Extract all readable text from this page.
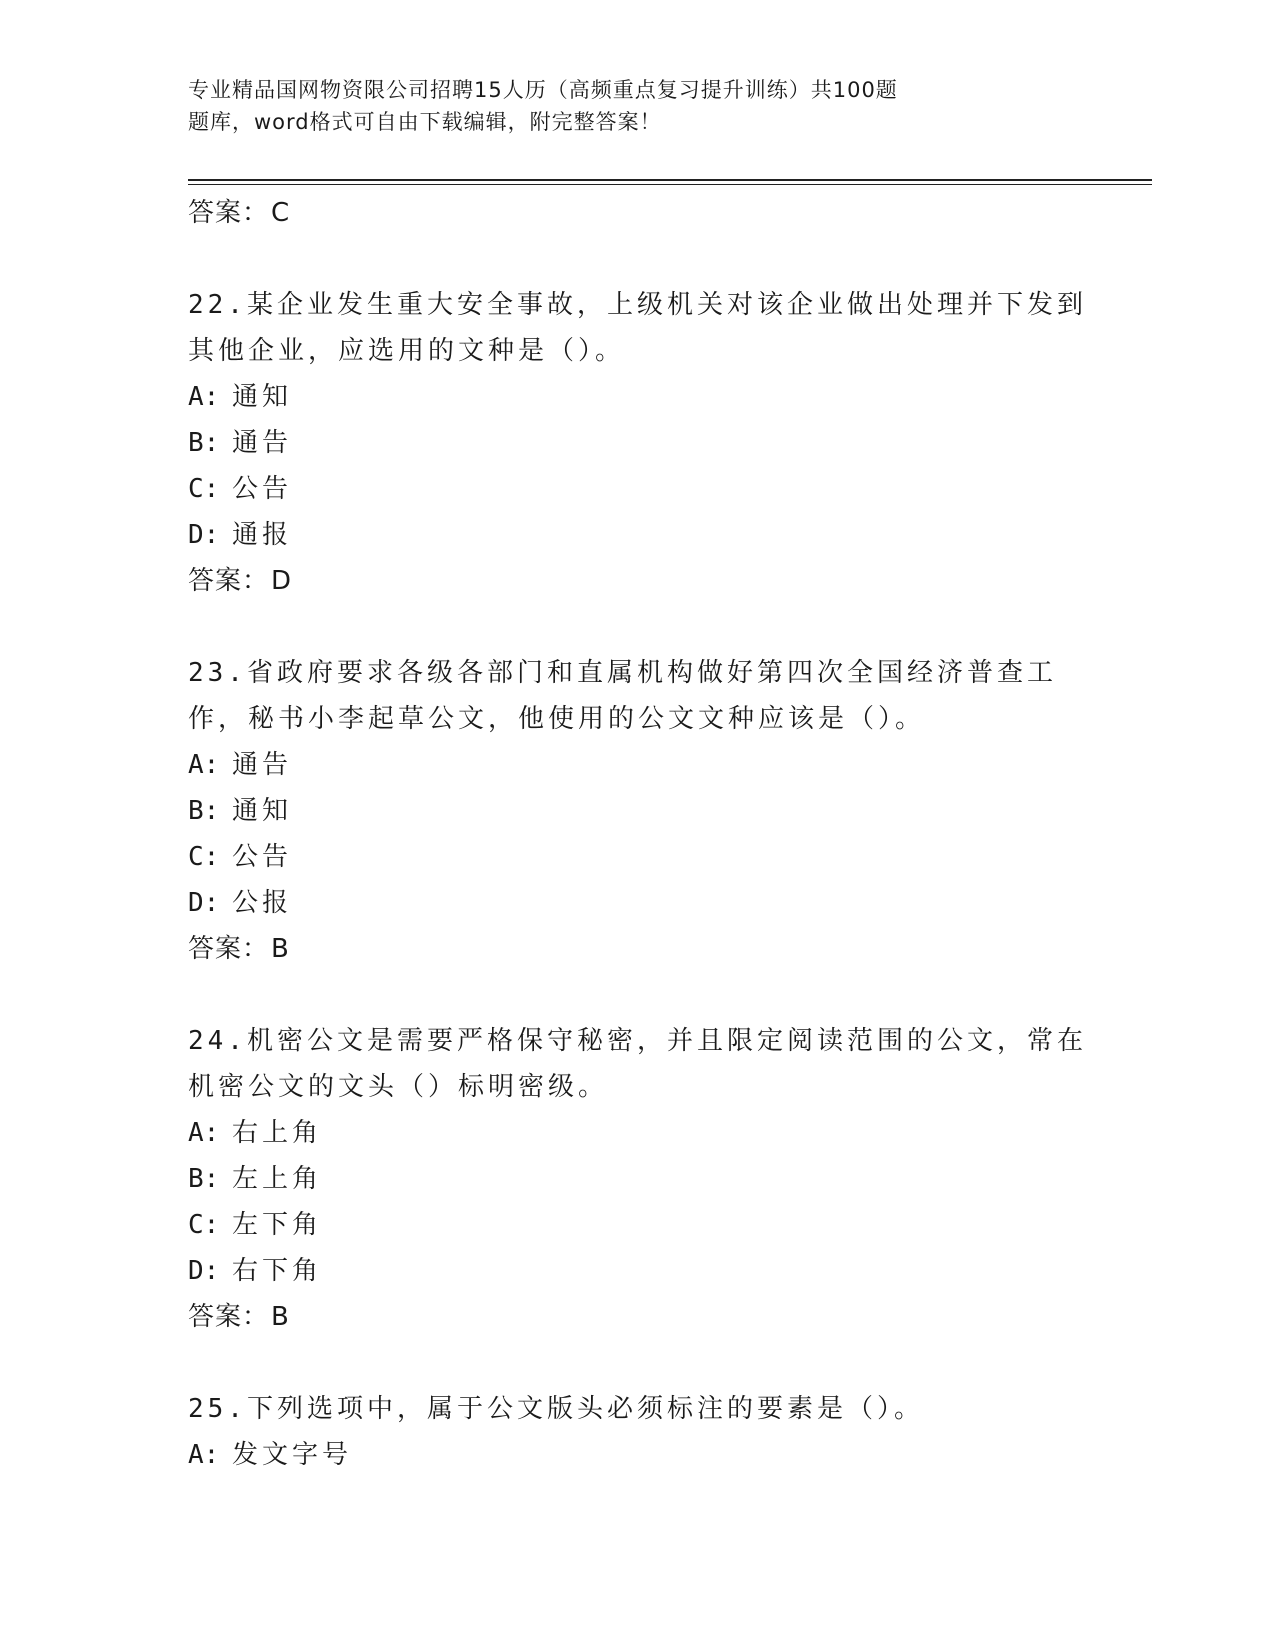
专业精品国网物资限公司招聘15人历（高频重点复习提升训练）共100题
题库，word格式可自由下载编辑，附完整答案！
答案：C
22.某企业发生重大安全事故，上级机关对该企业做出处理并下发到其他企业，应选用的文种是（）。
A: 通知
B: 通告
C: 公告
D: 通报
答案：D
23.省政府要求各级各部门和直属机构做好第四次全国经济普查工作，秘书小李起草公文，他使用的公文文种应该是（）。
A: 通告
B: 通知
C: 公告
D: 公报
答案：B
24.机密公文是需要严格保守秘密，并且限定阅读范围的公文，常在机密公文的文头（）标明密级。
A: 右上角
B: 左上角
C: 左下角
D: 右下角
答案：B
25.下列选项中，属于公文版头必须标注的要素是（）。
A: 发文字号
